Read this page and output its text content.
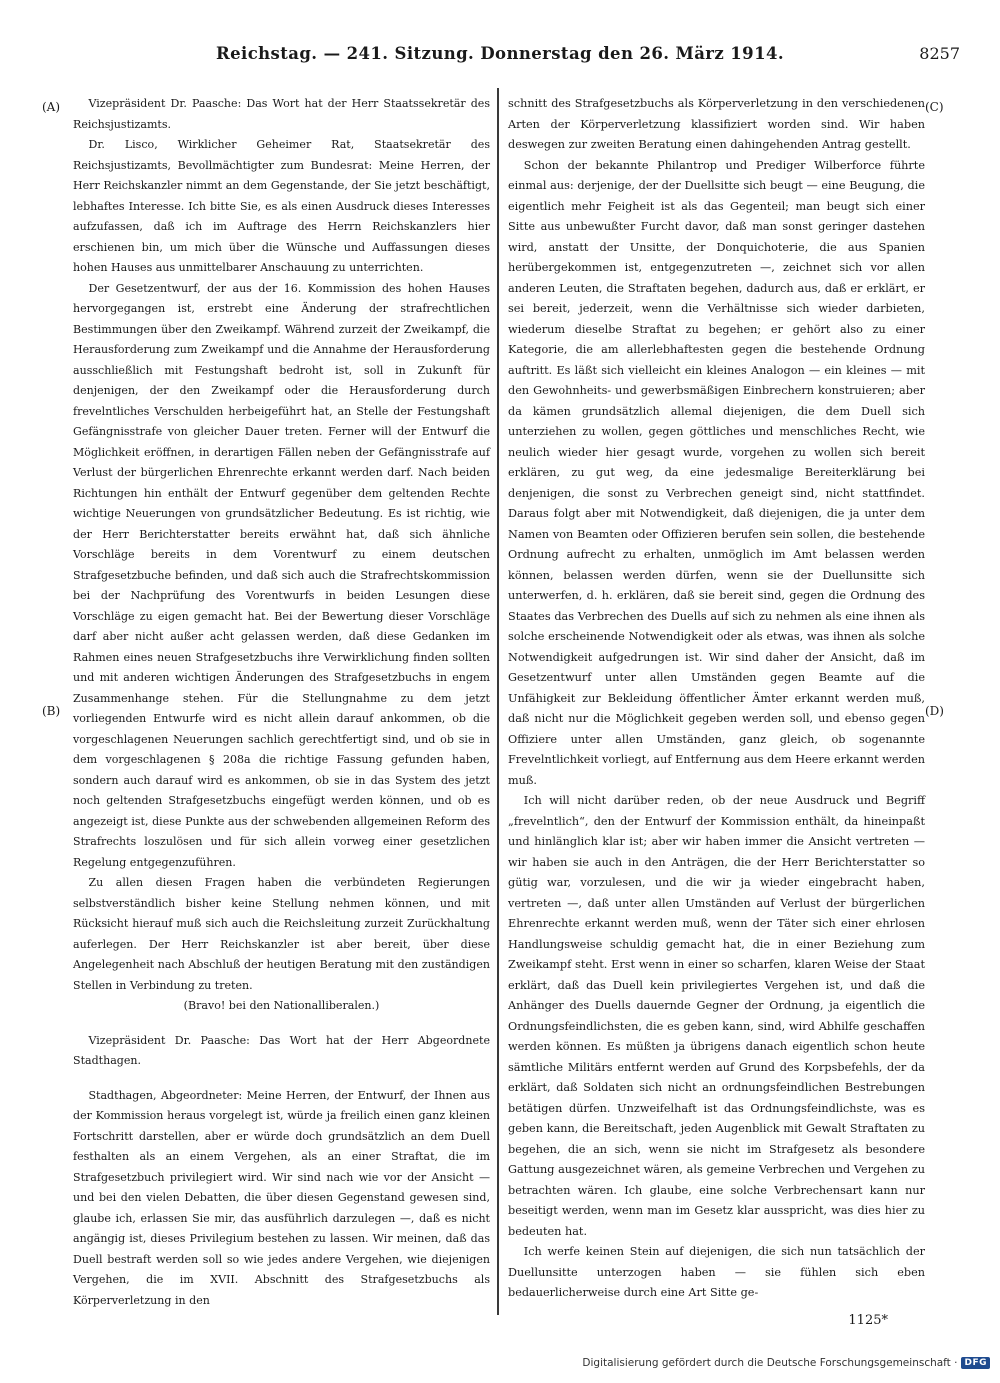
Reichstag. — 241. Sitzung. Donnerstag den 26. März 1914.	8257
(A)
(B)
(C)
(D)

Vizepräsident Dr. Paasche: Das Wort hat der Herr Staatssekretär des Reichsjustizamts.

Dr. Lisco, Wirklicher Geheimer Rat, Staatsekretär des Reichsjustizamts, Bevollmächtigter zum Bundesrat: Meine Herren, der Herr Reichskanzler nimmt an dem Gegenstande, der Sie jetzt beschäftigt, lebhaftes Interesse. Ich bitte Sie, es als einen Ausdruck dieses Interesses aufzufassen, daß ich im Auftrage des Herrn Reichskanzlers hier erschienen bin, um mich über die Wünsche und Auffassungen dieses hohen Hauses aus unmittelbarer Anschauung zu unterrichten.

Der Gesetzentwurf, der aus der 16. Kommission des hohen Hauses hervorgegangen ist, erstrebt eine Änderung der strafrechtlichen Bestimmungen über den Zweikampf. Während zurzeit der Zweikampf, die Herausforderung zum Zweikampf und die Annahme der Herausforderung ausschließlich mit Festungshaft bedroht ist, soll in Zukunft für denjenigen, der den Zweikampf oder die Herausforderung durch frevelntliches Verschulden herbeigeführt hat, an Stelle der Festungshaft Gefängnisstrafe von gleicher Dauer treten. Ferner will der Entwurf die Möglichkeit eröffnen, in derartigen Fällen neben der Gefängnisstrafe auf Verlust der bürgerlichen Ehrenrechte erkannt werden darf. Nach beiden Richtungen hin enthält der Entwurf gegenüber dem geltenden Rechte wichtige Neuerungen von grundsätzlicher Bedeutung. Es ist richtig, wie der Herr Berichterstatter bereits erwähnt hat, daß sich ähnliche Vorschläge bereits in dem Vorentwurf zu einem deutschen Strafgesetzbuche befinden, und daß sich auch die Strafrechtskommission bei der Nachprüfung des Vorentwurfs in beiden Lesungen diese Vorschläge zu eigen gemacht hat. Bei der Bewertung dieser Vorschläge darf aber nicht außer acht gelassen werden, daß diese Gedanken im Rahmen eines neuen Strafgesetzbuchs ihre Verwirklichung finden sollten und mit anderen wichtigen Änderungen des Strafgesetzbuchs in engem Zusammenhange stehen. Für die Stellungnahme zu dem jetzt vorliegenden Entwurfe wird es nicht allein darauf ankommen, ob die vorgeschlagenen Neuerungen sachlich gerechtfertigt sind, und ob sie in dem vorgeschlagenen § 208a die richtige Fassung gefunden haben, sondern auch darauf wird es ankommen, ob sie in das System des jetzt noch geltenden Strafgesetzbuchs eingefügt werden können, und ob es angezeigt ist, diese Punkte aus der schwebenden allgemeinen Reform des Strafrechts loszulösen und für sich allein vorweg einer gesetzlichen Regelung entgegenzuführen.

Zu allen diesen Fragen haben die verbündeten Regierungen selbstverständlich bisher keine Stellung nehmen können, und mit Rücksicht hierauf muß sich auch die Reichsleitung zurzeit Zurückhaltung auferlegen. Der Herr Reichskanzler ist aber bereit, über diese Angelegenheit nach Abschluß der heutigen Beratung mit den zuständigen Stellen in Verbindung zu treten.

(Bravo! bei den Nationalliberalen.)

Vizepräsident Dr. Paasche: Das Wort hat der Herr Abgeordnete Stadthagen.

Stadthagen, Abgeordneter: Meine Herren, der Entwurf, der Ihnen aus der Kommission heraus vorgelegt ist, würde ja freilich einen ganz kleinen Fortschritt darstellen, aber er würde doch grundsätzlich an dem Duell festhalten als an einem Vergehen, als an einer Straftat, die im Strafgesetzbuch privilegiert wird. Wir sind nach wie vor der Ansicht — und bei den vielen Debatten, die über diesen Gegenstand gewesen sind, glaube ich, erlassen Sie mir, das ausführlich darzulegen —, daß es nicht angängig ist, dieses Privilegium bestehen zu lassen. Wir meinen, daß das Duell bestraft werden soll so wie jedes andere Vergehen, wie diejenigen Vergehen, die im XVII. Abschnitt des Strafgesetzbuchs als Körperverletzung in den

schnitt des Strafgesetzbuchs als Körperverletzung in den verschiedenen Arten der Körperverletzung klassifiziert worden sind. Wir haben deswegen zur zweiten Beratung einen dahingehenden Antrag gestellt.

Schon der bekannte Philantrop und Prediger Wilberforce führte einmal aus: derjenige, der der Duellsitte sich beugt — eine Beugung, die eigentlich mehr Feigheit ist als das Gegenteil; man beugt sich einer Sitte aus unbewußter Furcht davor, daß man sonst geringer dastehen wird, anstatt der Unsitte, der Donquichoterie, die aus Spanien herübergekommen ist, entgegenzutreten —, zeichnet sich vor allen anderen Leuten, die Straftaten begehen, dadurch aus, daß er erklärt, er sei bereit, jederzeit, wenn die Verhältnisse sich wieder darbieten, wiederum dieselbe Straftat zu begehen; er gehört also zu einer Kategorie, die am allerlebhaftesten gegen die bestehende Ordnung auftritt. Es läßt sich vielleicht ein kleines Analogon — ein kleines — mit den Gewohnheits- und gewerbsmäßigen Einbrechern konstruieren; aber da kämen grundsätzlich allemal diejenigen, die dem Duell sich unterziehen zu wollen, gegen göttliches und menschliches Recht, wie neulich wieder hier gesagt wurde, vorgehen zu wollen sich bereit erklären, zu gut weg, da eine jedesmalige Bereiterklärung bei denjenigen, die sonst zu Verbrechen geneigt sind, nicht stattfindet. Daraus folgt aber mit Notwendigkeit, daß diejenigen, die ja unter dem Namen von Beamten oder Offizieren berufen sein sollen, die bestehende Ordnung aufrecht zu erhalten, unmöglich im Amt belassen werden können, belassen werden dürfen, wenn sie der Duellunsitte sich unterwerfen, d. h. erklären, daß sie bereit sind, gegen die Ordnung des Staates das Verbrechen des Duells auf sich zu nehmen als eine ihnen als solche erscheinende Notwendigkeit oder als etwas, was ihnen als solche Notwendigkeit aufgedrungen ist. Wir sind daher der Ansicht, daß im Gesetzentwurf unter allen Umständen gegen Beamte auf die Unfähigkeit zur Bekleidung öffentlicher Ämter erkannt werden muß, daß nicht nur die Möglichkeit gegeben werden soll, und ebenso gegen Offiziere unter allen Umständen, ganz gleich, ob sogenannte Frevelntlichkeit vorliegt, auf Entfernung aus dem Heere erkannt werden muß.

Ich will nicht darüber reden, ob der neue Ausdruck und Begriff „frevelntlich“, den der Entwurf der Kommission enthält, da hineinpaßt und hinlänglich klar ist; aber wir haben immer die Ansicht vertreten — wir haben sie auch in den Anträgen, die der Herr Berichterstatter so gütig war, vorzulesen, und die wir ja wieder eingebracht haben, vertreten —, daß unter allen Umständen auf Verlust der bürgerlichen Ehrenrechte erkannt werden muß, wenn der Täter sich einer ehrlosen Handlungsweise schuldig gemacht hat, die in einer Beziehung zum Zweikampf steht. Erst wenn in einer so scharfen, klaren Weise der Staat erklärt, daß das Duell kein privilegiertes Vergehen ist, und daß die Anhänger des Duells dauernde Gegner der Ordnung, ja eigentlich die Ordnungsfeindlichsten, die es geben kann, sind, wird Abhilfe geschaffen werden können. Es müßten ja übrigens danach eigentlich schon heute sämtliche Militärs entfernt werden auf Grund des Korpsbefehls, der da erklärt, daß Soldaten sich nicht an ordnungsfeindlichen Bestrebungen betätigen dürfen. Unzweifelhaft ist das Ordnungsfeindlichste, was es geben kann, die Bereitschaft, jeden Augenblick mit Gewalt Straftaten zu begehen, die an sich, wenn sie nicht im Strafgesetz als besondere Gattung ausgezeichnet wären, als gemeine Verbrechen und Vergehen zu betrachten wären. Ich glaube, eine solche Verbrechensart kann nur beseitigt werden, wenn man im Gesetz klar ausspricht, was dies hier zu bedeuten hat.

Ich werfe keinen Stein auf diejenigen, die sich nun tatsächlich der Duellunsitte unterzogen haben — sie fühlen sich eben bedauerlicherweise durch eine Art Sitte ge-

1125*
Digitalisierung gefördert durch die Deutsche Forschungsgemeinschaft · DFG
